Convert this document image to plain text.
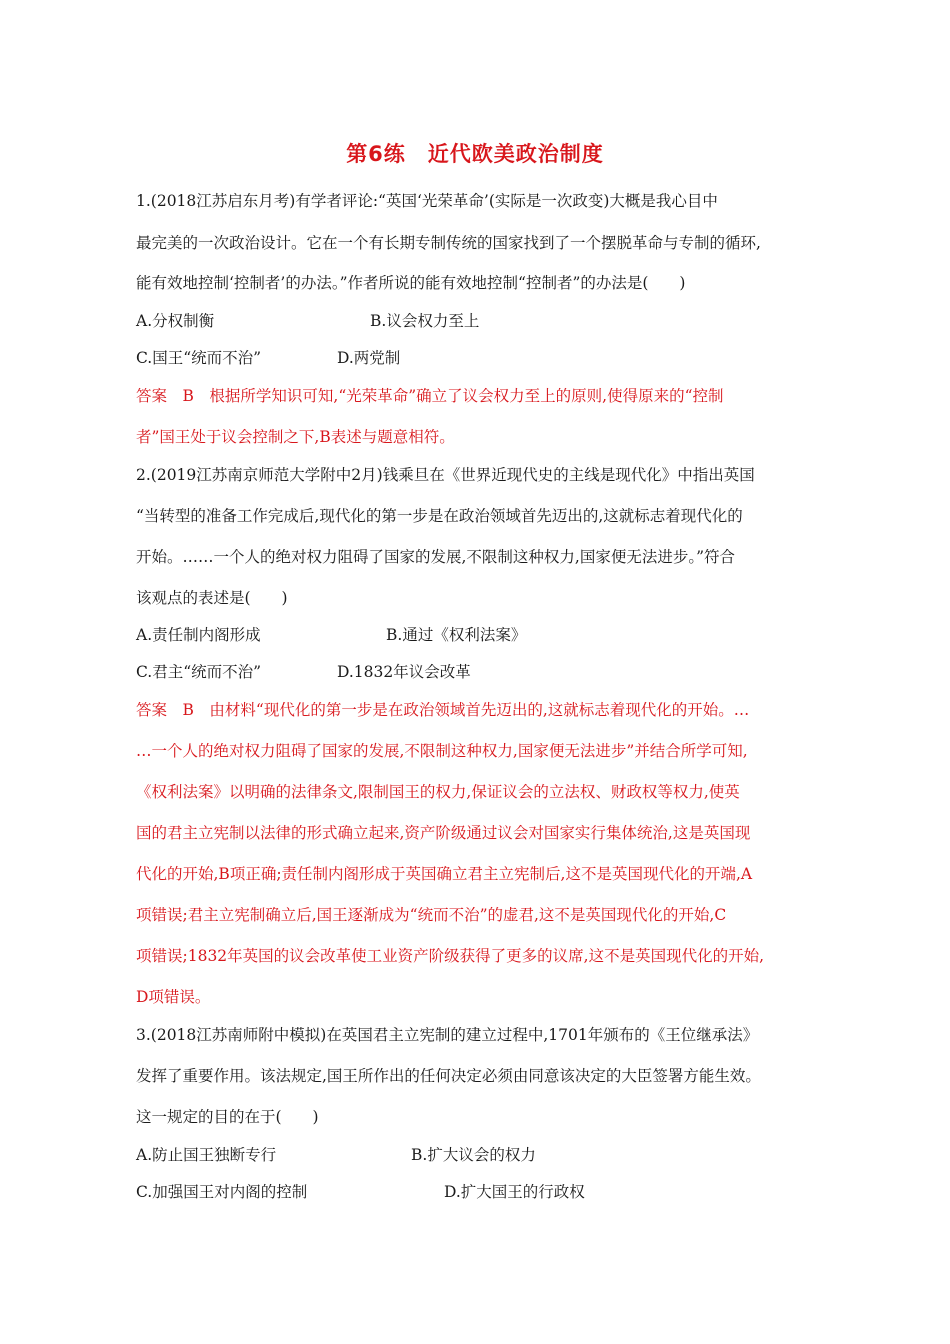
第6练　近代欧美政治制度
1.(2018江苏启东月考)有学者评论:“英国‘光荣革命’(实际是一次政变)大概是我心目中
最完美的一次政治设计。它在一个有长期专制传统的国家找到了一个摆脱革命与专制的循环,
能有效地控制‘控制者’的办法。”作者所说的能有效地控制“控制者”的办法是(　　)
A.分权制衡	B.议会权力至上
C.国王“统而不治”	D.两党制
答案　B　根据所学知识可知,“光荣革命”确立了议会权力至上的原则,使得原来的“控制
者”国王处于议会控制之下,B表述与题意相符。
2.(2019江苏南京师范大学附中2月)钱乘旦在《世界近现代史的主线是现代化》中指出英国
“当转型的准备工作完成后,现代化的第一步是在政治领域首先迈出的,这就标志着现代化的
开始。……一个人的绝对权力阻碍了国家的发展,不限制这种权力,国家便无法进步。”符合
该观点的表述是(　　)
A.责任制内阁形成	B.通过《权利法案》
C.君主“统而不治”	D.1832年议会改革
答案　B　由材料“现代化的第一步是在政治领域首先迈出的,这就标志着现代化的开始。…
…一个人的绝对权力阻碍了国家的发展,不限制这种权力,国家便无法进步”并结合所学可知,
《权利法案》以明确的法律条文,限制国王的权力,保证议会的立法权、财政权等权力,使英
国的君主立宪制以法律的形式确立起来,资产阶级通过议会对国家实行集体统治,这是英国现
代化的开始,B项正确;责任制内阁形成于英国确立君主立宪制后,这不是英国现代化的开端,A
项错误;君主立宪制确立后,国王逐渐成为“统而不治”的虚君,这不是英国现代化的开始,C
项错误;1832年英国的议会改革使工业资产阶级获得了更多的议席,这不是英国现代化的开始,
D项错误。
3.(2018江苏南师附中模拟)在英国君主立宪制的建立过程中,1701年颁布的《王位继承法》
发挥了重要作用。该法规定,国王所作出的任何决定必须由同意该决定的大臣签署方能生效。
这一规定的目的在于(　　)
A.防止国王独断专行	B.扩大议会的权力
C.加强国王对内阁的控制	D.扩大国王的行政权
